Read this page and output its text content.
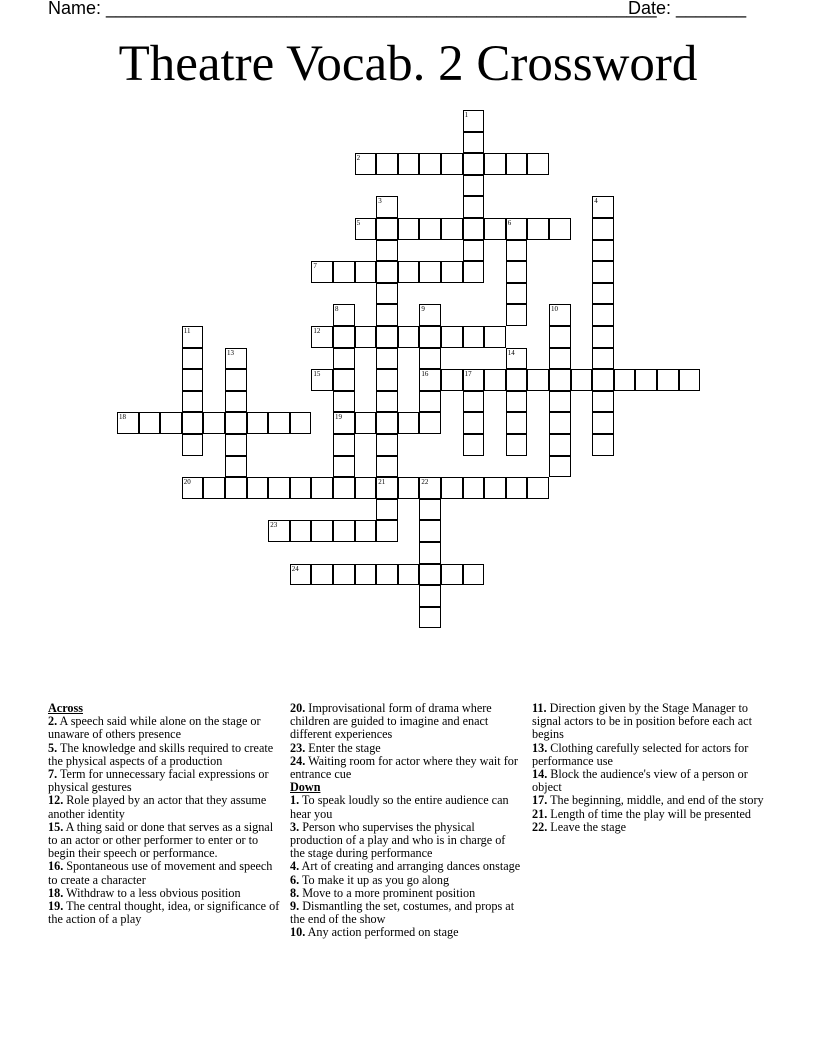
Name: _______________________________________________________
Date: _______
Theatre Vocab. 2 Crossword
1
2
3
21
4
5	6
7
8
19
9
16
10
11	12
13	14
15	17
18
20	22
23
24
Across
2. A speech said while alone on the stage or unaware of others presence
5. The knowledge and skills required to create the physical aspects of a production
7. Term for unnecessary facial expressions or physical gestures
12. Role played by an actor that they assume another identity
15. A thing said or done that serves as a signal to an actor or other performer to enter or to begin their speech or performance.
16. Spontaneous use of movement and speech to create a character
18. Withdraw to a less obvious position
19. The central thought, idea, or significance of the action of a play
20. Improvisational form of drama where children are guided to imagine and enact different experiences
23. Enter the stage
24. Waiting room for actor where they wait for entrance cue
Down
1. To speak loudly so the entire audience can hear you
3. Person who supervises the physical production of a play and who is in charge of the stage during performance
4. Art of creating and arranging dances onstage
6. To make it up as you go along
8. Move to a more prominent position
9. Dismantling the set, costumes, and props at the end of the show
10. Any action performed on stage
11. Direction given by the Stage Manager to signal actors to be in position before each act begins
13. Clothing carefully selected for actors for performance use
14. Block the audience's view of a person or object
17. The beginning, middle, and end of the story
21. Length of time the play will be presented
22. Leave the stage
